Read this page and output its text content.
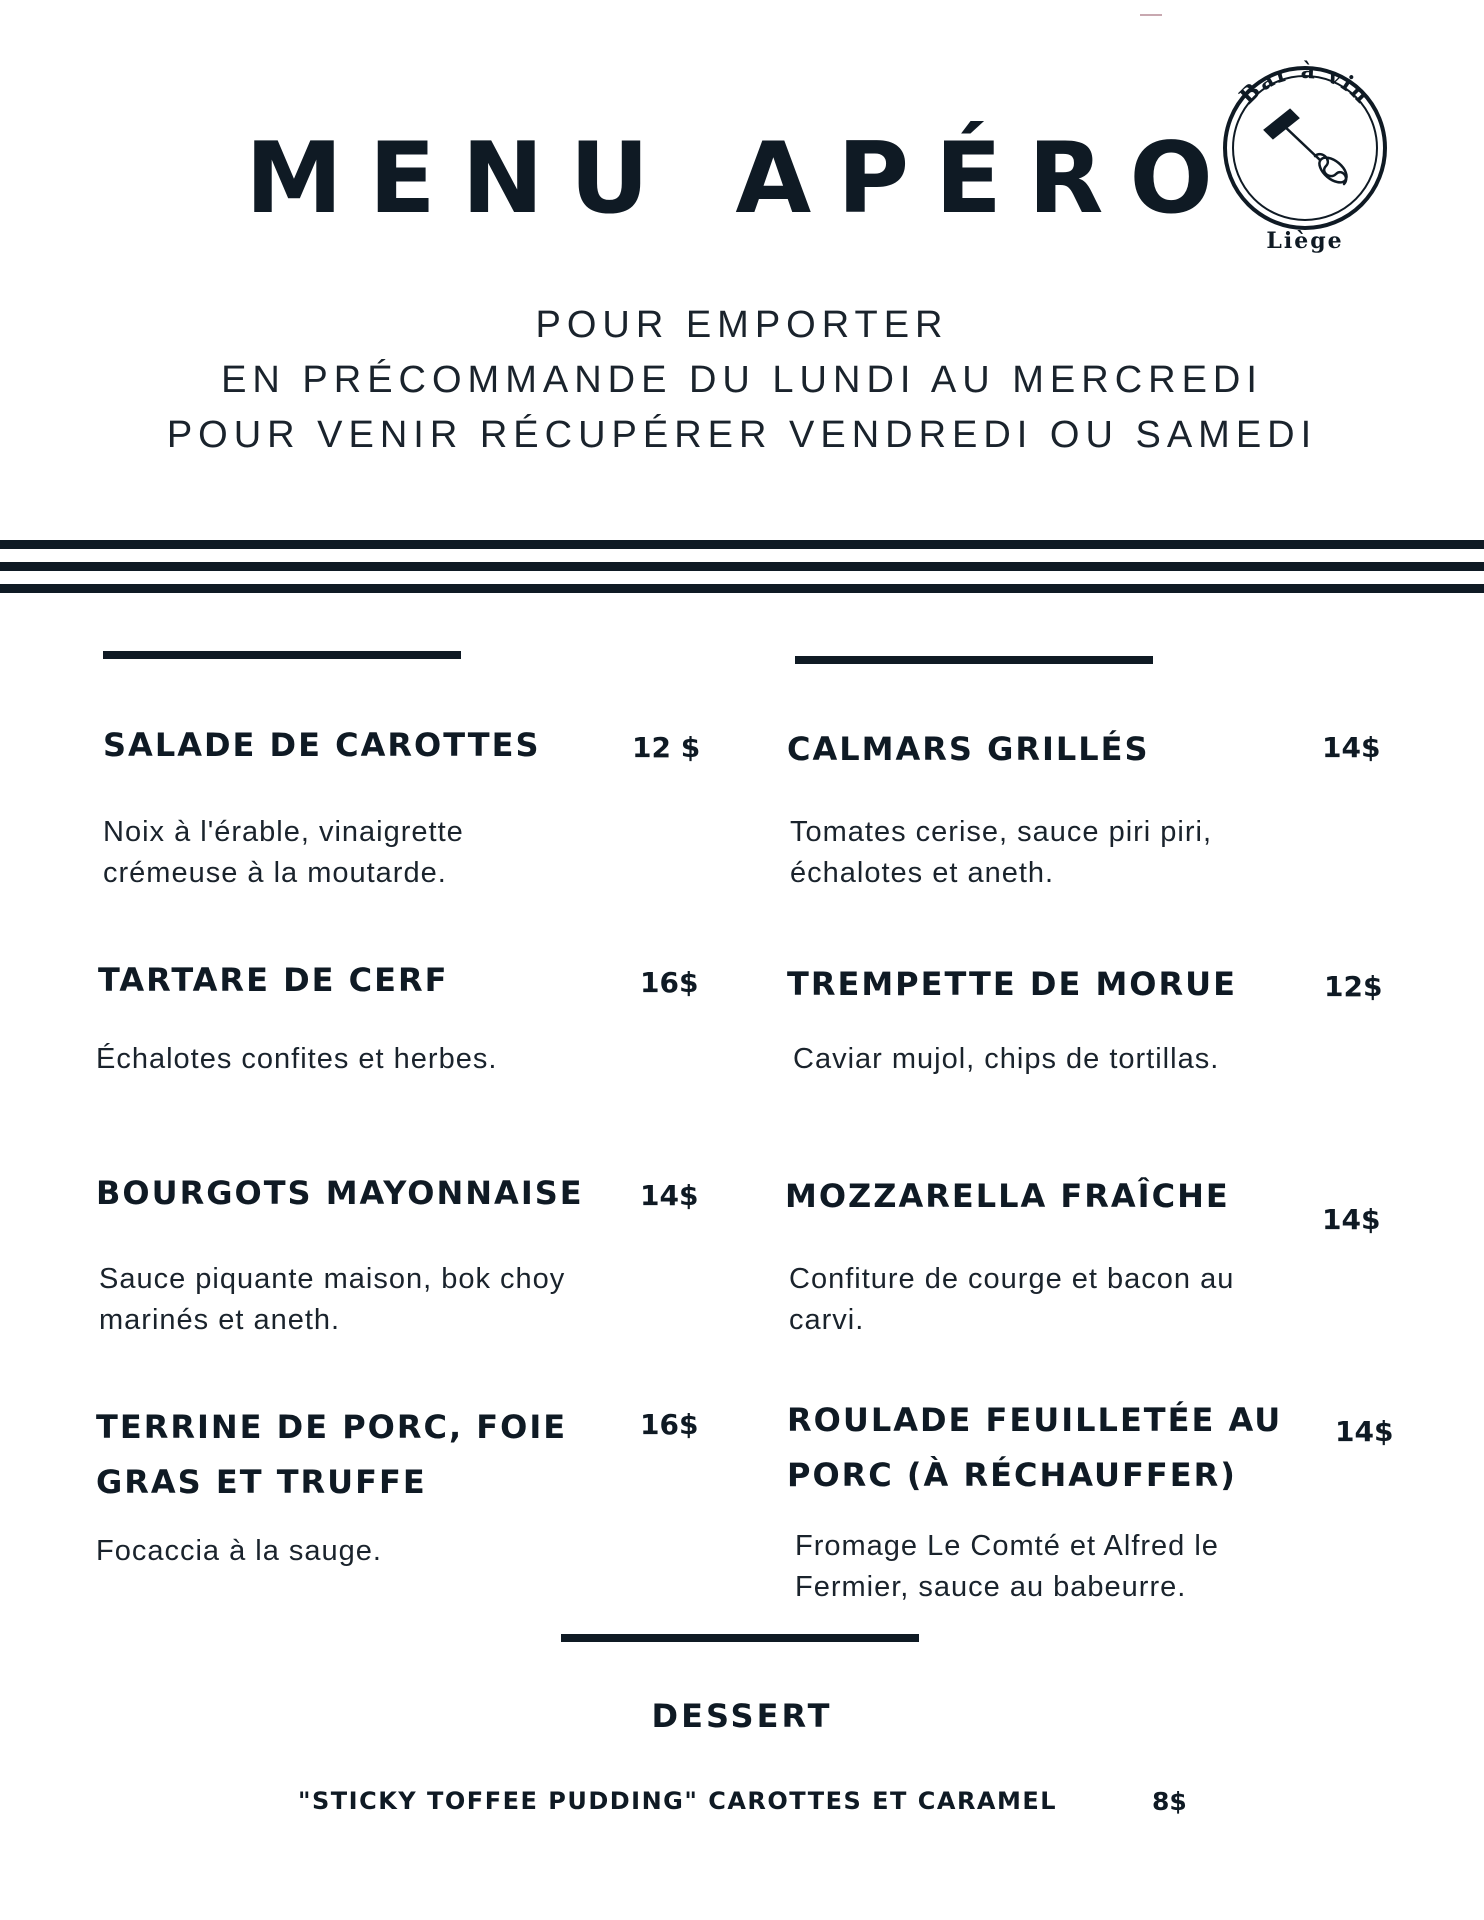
MENU APÉRO
Bar à vin
Liège
POUR EMPORTER
EN PRÉCOMMANDE DU LUNDI AU MERCREDI
POUR VENIR RÉCUPÉRER VENDREDI OU SAMEDI
SALADE DE CAROTTES	12 $
Noix à l'érable, vinaigrette
crémeuse à la moutarde.
TARTARE DE CERF	16$
Échalotes confites et herbes.
BOURGOTS MAYONNAISE 14$
Sauce piquante maison, bok choy
marinés et aneth.
TERRINE DE PORC, FOIE
GRAS ET TRUFFE
16$
Focaccia à la sauge.
CALMARS GRILLÉS	14$
Tomates cerise, sauce piri piri,
échalotes et aneth.
TREMPETTE DE MORUE	12$
Caviar mujol, chips de tortillas.
MOZZARELLA FRAÎCHE
14$
Confiture de courge et bacon au
carvi.
ROULADE FEUILLETÉE AU
PORC (À RÉCHAUFFER)
14$
Fromage Le Comté et Alfred le
Fermier, sauce au babeurre.
DESSERT
"STICKY TOFFEE PUDDING" CAROTTES ET CARAMEL	8$
